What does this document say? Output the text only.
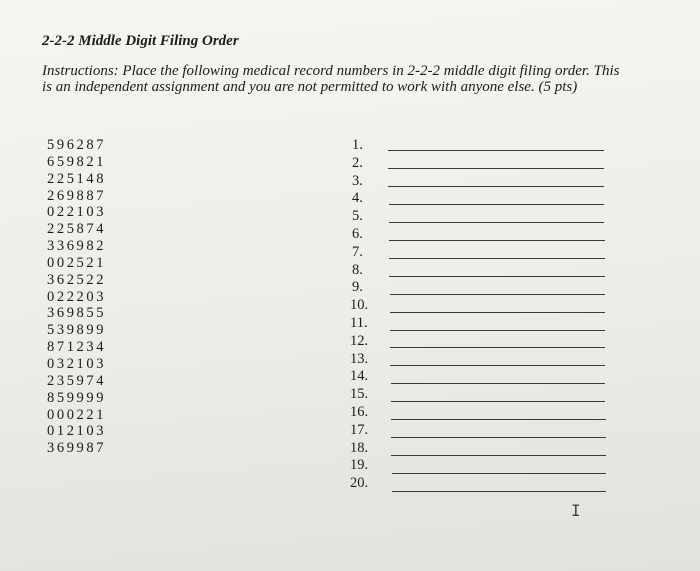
2-2-2 Middle Digit Filing Order
Instructions: Place the following medical record numbers in 2-2-2 middle digit filing order. This is an independent assignment and you are not permitted to work with anyone else. (5 pts)
596287
659821
225148
269887
022103
225874
336982
002521
362522
022203
369855
539899
871234
032103
235974
859999
000221
012103
369987
1.
2.
3.
4.
5.
6.
7.
8.
9.
10.
11.
12.
13.
14.
15.
16.
17.
18.
19.
20.
I
